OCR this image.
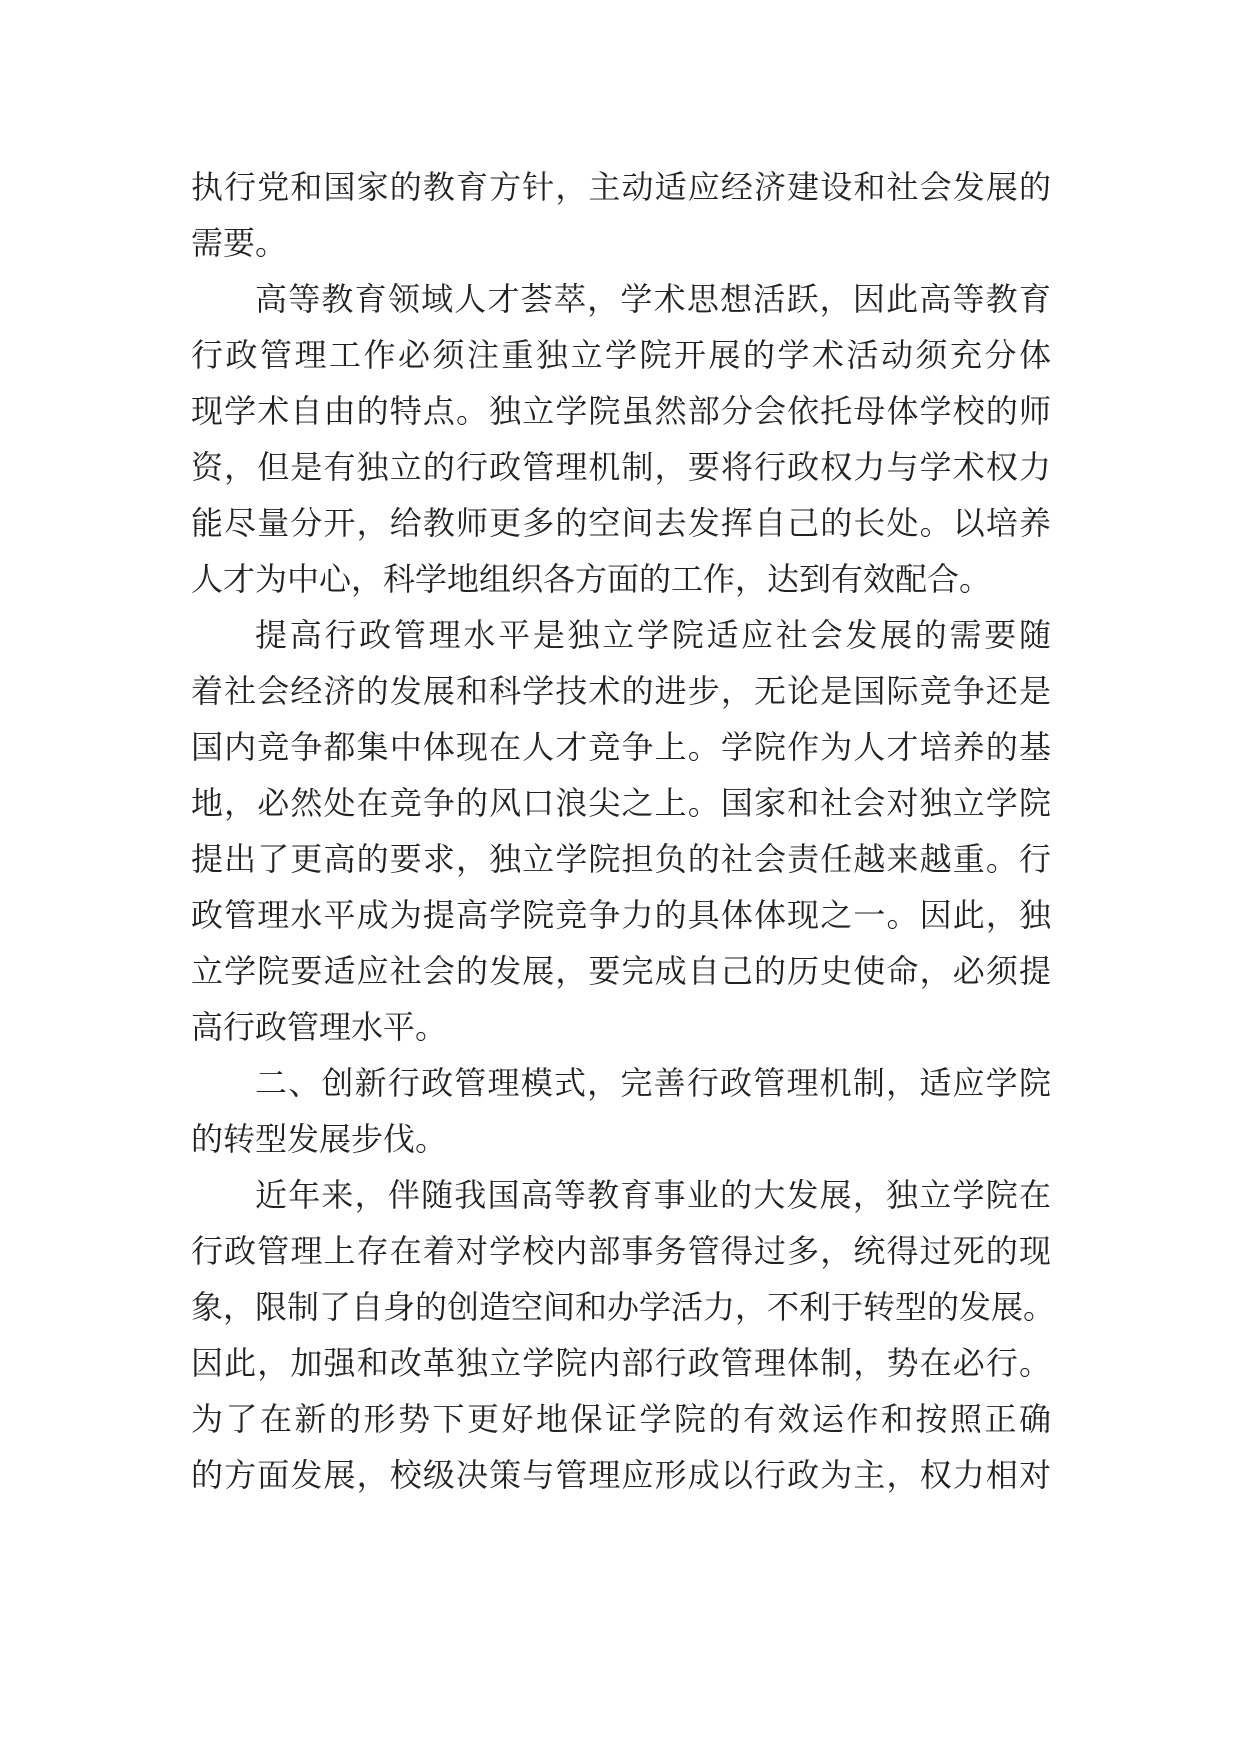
执行党和国家的教育方针，主动适应经济建设和社会发展的
需要。
高等教育领域人才荟萃，学术思想活跃，因此高等教育
行政管理工作必须注重独立学院开展的学术活动须充分体
现学术自由的特点。独立学院虽然部分会依托母体学校的师
资，但是有独立的行政管理机制，要将行政权力与学术权力
能尽量分开，给教师更多的空间去发挥自己的长处。以培养
人才为中心，科学地组织各方面的工作，达到有效配合。
提高行政管理水平是独立学院适应社会发展的需要随
着社会经济的发展和科学技术的进步，无论是国际竞争还是
国内竞争都集中体现在人才竞争上。学院作为人才培养的基
地，必然处在竞争的风口浪尖之上。国家和社会对独立学院
提出了更高的要求，独立学院担负的社会责任越来越重。行
政管理水平成为提高学院竞争力的具体体现之一。因此，独
立学院要适应社会的发展，要完成自己的历史使命，必须提
高行政管理水平。
二、创新行政管理模式，完善行政管理机制，适应学院
的转型发展步伐。
近年来，伴随我国高等教育事业的大发展，独立学院在
行政管理上存在着对学校内部事务管得过多，统得过死的现
象，限制了自身的创造空间和办学活力，不利于转型的发展。
因此，加强和改革独立学院内部行政管理体制，势在必行。
为了在新的形势下更好地保证学院的有效运作和按照正确
的方面发展，校级决策与管理应形成以行政为主，权力相对
